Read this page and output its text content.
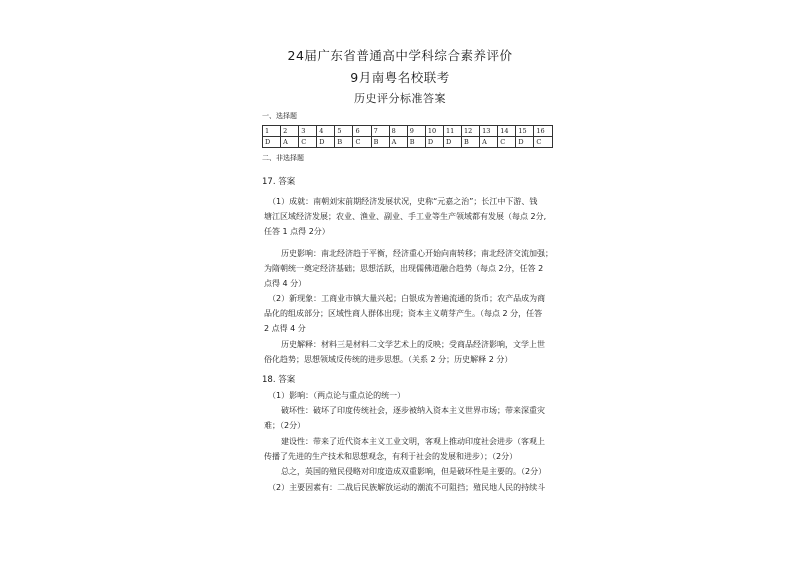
24届广东省普通高中学科综合素养评价
9月南粤名校联考
历史评分标准答案
一、选择题
1	2	3	4	5	6	7	8	9	10	11	12	13	14	15	16
D	A	C	D	B	C	B	A	B	D	D	B	A	C	D	C
二、非选择题
17. 答案
（1）成就：南朝刘宋前期经济发展状况，史称“元嘉之治”；长江中下游、钱
塘江区域经济发展；农业、渔业、副业、手工业等生产领域都有发展（每点 2分,
任答 1 点得 2分）
历史影响：南北经济趋于平衡，经济重心开始向南转移；南北经济交流加强；
为隋朝统一奠定经济基础；思想活跃，出现儒佛道融合趋势（每点 2分，任答 2
点得 4 分）
（2）新现象：工商业市镇大量兴起；白银成为普遍流通的货币；农产品成为商
品化的组成部分；区域性商人群体出现；资本主义萌芽产生。（每点 2 分，任答
2 点得 4 分
历史解释：材料三是材料二文学艺术上的反映；受商品经济影响，文学上世
俗化趋势；思想领域反传统的进步思想。（关系 2 分；历史解释 2 分）
18. 答案
（1）影响：（两点论与重点论的统一）
破坏性：破坏了印度传统社会，逐步被纳入资本主义世界市场；带来深重灾
难；（2分）
建设性：带来了近代资本主义工业文明，客观上推动印度社会进步（客观上
传播了先进的生产技术和思想观念，有利于社会的发展和进步）；（2分）
总之，英国的殖民侵略对印度造成双重影响，但是破坏性是主要的。（2分）
（2）主要因素有：二战后民族解放运动的潮流不可阻挡；殖民地人民的持续斗
